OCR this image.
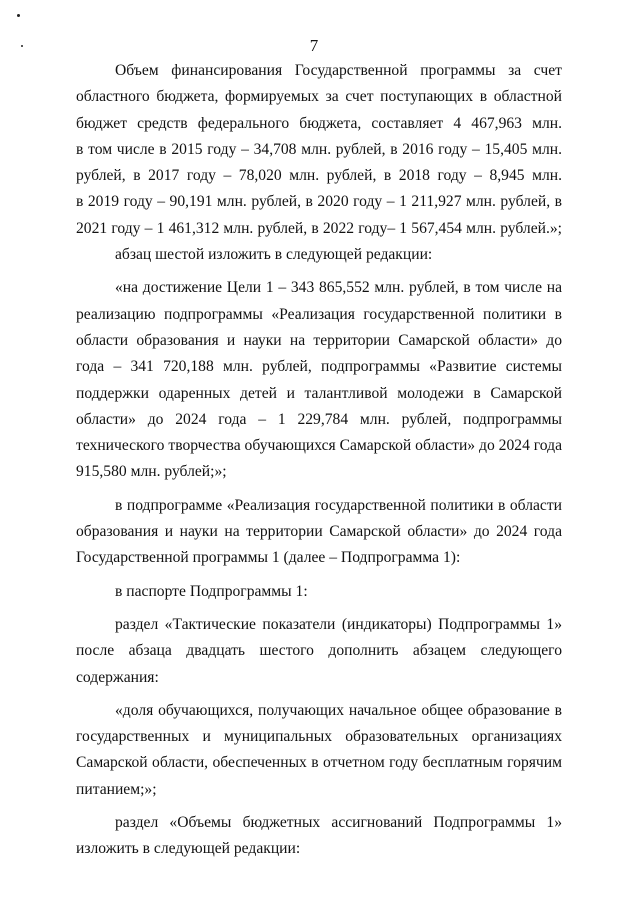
7
Объем финансирования Государственной программы за счет
областного бюджета, формируемых за счет поступающих в областной
бюджет средств федерального бюджета, составляет 4 467,963 млн.
в том числе в 2015 году – 34,708 млн. рублей, в 2016 году – 15,405 млн.
рублей, в 2017 году – 78,020 млн. рублей, в 2018 году – 8,945 млн.
в 2019 году – 90,191 млн. рублей, в 2020 году – 1 211,927 млн. рублей, в
2021 году – 1 461,312 млн. рублей, в 2022 году– 1 567,454 млн. рублей.»;
абзац шестой изложить в следующей редакции:
«на достижение Цели 1 – 343 865,552 млн. рублей, в том числе на
реализацию подпрограммы «Реализация государственной политики в
области образования и науки на территории Самарской области» до
года – 341 720,188 млн. рублей, подпрограммы «Развитие системы
поддержки одаренных детей и талантливой молодежи в Самарской
области» до 2024 года – 1 229,784 млн. рублей, подпрограммы
технического творчества обучающихся Самарской области» до 2024 года
915,580 млн. рублей;»;
в подпрограмме «Реализация государственной политики в области
образования и науки на территории Самарской области» до 2024 года
Государственной программы 1 (далее – Подпрограмма 1):
в паспорте Подпрограммы 1:
раздел «Тактические показатели (индикаторы) Подпрограммы 1»
после абзаца двадцать шестого дополнить абзацем следующего
содержания:
«доля обучающихся, получающих начальное общее образование в
государственных и муниципальных образовательных организациях
Самарской области, обеспеченных в отчетном году бесплатным горячим
питанием;»;
раздел «Объемы бюджетных ассигнований Подпрограммы 1»
изложить в следующей редакции:
